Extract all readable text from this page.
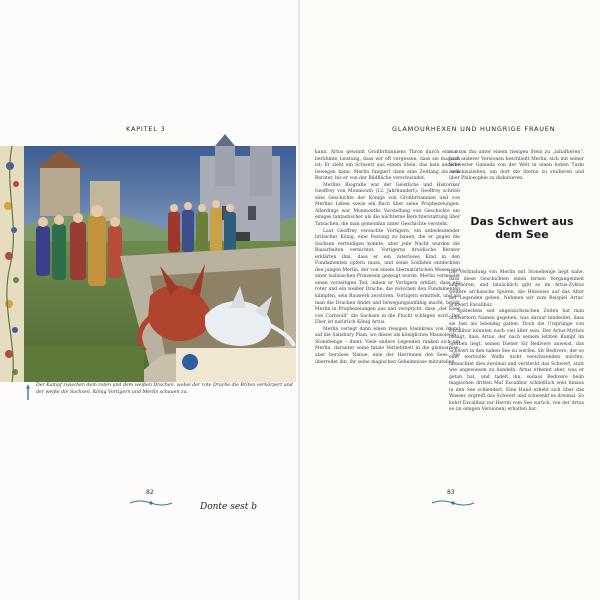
KAPITEL 3
Donte sest b
Der Kampf zwischen dem roten und dem weißen Drachen, wobei der rote Drache die Briten verkörpert und der weiße die Sachsen. König Vortigern und Merlin schauen zu.
82
GLAMOURHEXEN UND HUNGRIGE FRAUEN

kann. Artus gewinnt Großbritanniens Thron durch eine so berühmte Leistung, dass wir oft vergessen, dass sie magisch ist: Er zieht ein Schwert aus einem Stein, das kein anderer bewegen kann. Merlin fungiert dann eine Zeitlang als sein Berater, bis er von der Bildfläche verschwindet.

Merlins Biografie war der Geistliche und Historiker Geoffrey von Monmouth (12. Jahrhundert): Geoffrey schrieb eine Geschichte der Könige von Großbritannien und von Merlins Leben sowie ein Buch über seine Prophezeiungen. Allerdings war Monmouths Vorstellung von Geschichte um einiges fantastischer als die nüchterne Berichterstattung über Tatsachen, die man gemeinhin unter Geschichte versteht.

Laut Geoffrey versuchte Vortigern, ein unbedeutender britischer König, eine Festung zu bauen, die er gegen die Sachsen verteidigen konnte, aber jede Nacht wurden die Bauarbeiten vernichtet. Vortigerns druidische Berater erklärten ihm, dass er ein vaterloses Kind in den Fundamenten opfern muss, und seine Soldaten entdeckten den jungen Merlin, der von einem übernatürlichen Wesen und einer walisischen Prinzessin gezeugt wurde. Merlin vermeidet einen vorzeitigen Tod, indem er Vortigern erklärt, dass ein roter und ein weißer Drache, die zwischen den Fundamenten kämpfen, sein Bauwerk zerstören. Vortigern ermittelt, und als man die Drachen findet und bewegungsunfähig macht, bricht Merlin in Prophezeiungen aus und verspricht, dass „der Eber von Cornwall“ die Sachsen in die Flucht schlagen wird. Der Eber ist natürlich König Artus.

Merlin verlegt dann einen riesigen Steinkreis von Irland auf die Salisbury Plain, wo dieser als königliches Mausoleum – Stonehenge – dient. Viele andere Legenden ranken sich um Merlin, darunter seine fatale Verliebtheit in die glamouröse, aber herzlose Nimue, eine der Herrinnen des Sees. Sie überredet ihn, ihr seine magischen Geheimnisse mitzuteilen,

nur um ihn unter einem riesigen Stein zu „inhaftieren“. Laut anderer Versionen beschließt Merlin, sich mit seiner Schwester Ganieda von der Welt in einen hohen Turm zurückzuziehen, um dort die Sterne zu studieren und über Philosophie zu diskutieren.

Das Schwert aus dem See

Die Verbindung von Merlin mit Stonehenge liegt nahe, dass diese Geschichten einen fernen Vergangenheit angehören; und tatsächlich gibt es im Artus-Zyklus weitere archaische Spuren, die Hinweise auf das Alter der Legenden geben. Nehmen wir zum Beispiel Artus' Schwert Excalibur.

Spätestens seit angelsächsischen Zeiten hat man Schwertern Namen gegeben, was darauf hindeutet, dass sie fast als lebendig galten. Doch die Ursprünge von Excalibur könnten noch viel älter sein. Der Artus-Mythos besagt, dass Artus, der nach seinem letzten Kampf im Sterben liegt, seinen Diener Sir Bedivere anweist, das Schwert in den nahen See zu werfen. Sir Bedivere, der so eine wertvolle Waffe nicht verschwenden möchte, missachtet dies zweimal und versteckt das Schwert, statt wie angewiesen zu handeln. Artus erkennt aber, was er getan hat, und tadelt ihn, sodass Bedivere beim magischen dritten Mal Excalibur schließlich weit hinaus in den See schleudert. Eine Hand erhebt sich über das Wasser, ergreift das Schwert und schwenkt es dreimal. So kehrt Excalibur zur Herrin vom See zurück, von der Artus es (in einigen Versionen) erhalten hat.

83
